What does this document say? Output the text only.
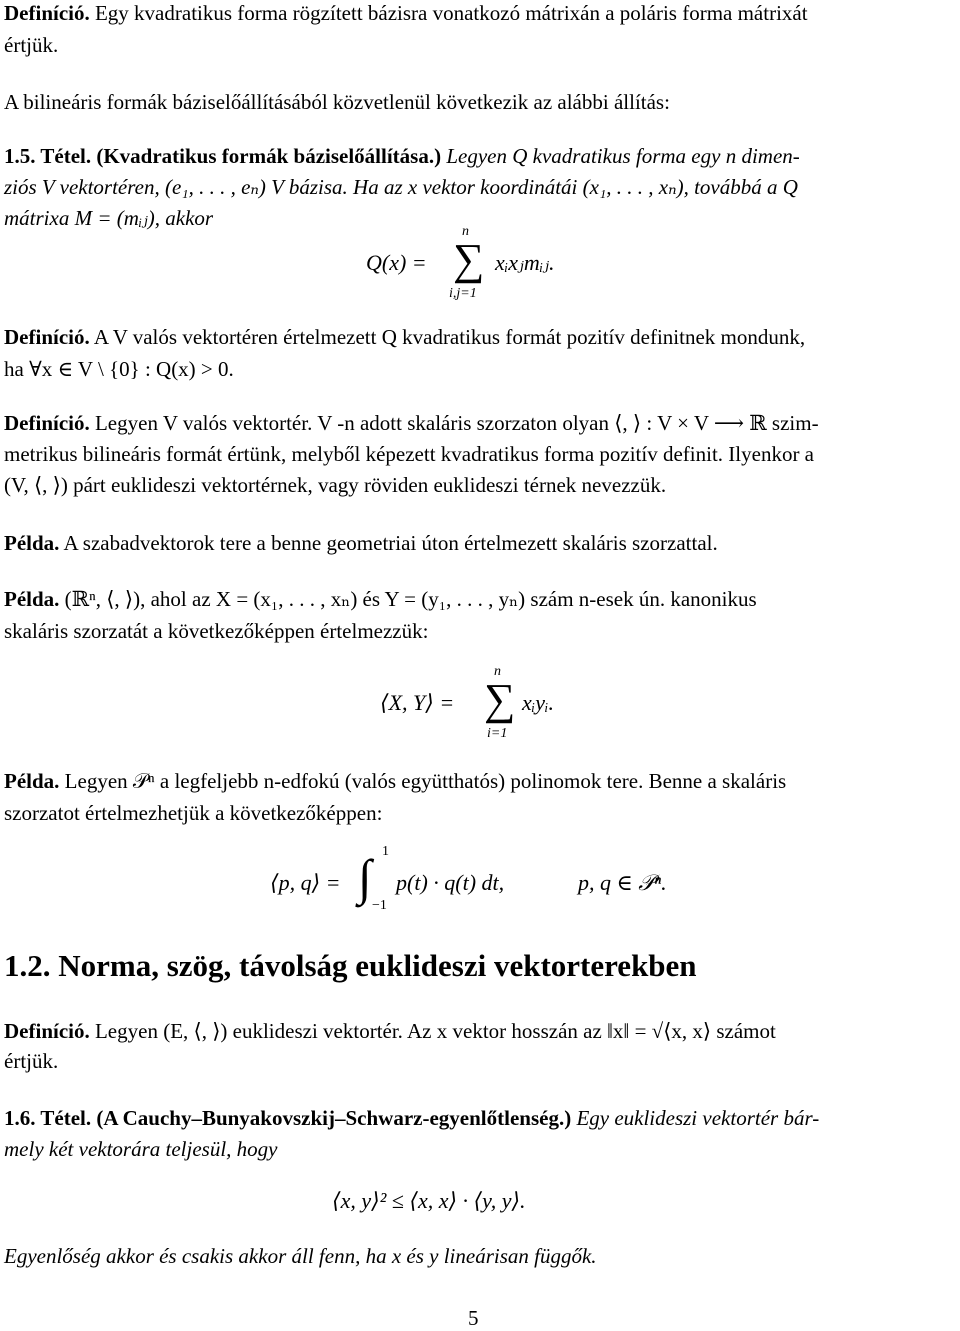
Definíció. Egy kvadratikus forma rögzített bázisra vonatkozó mátrixán a poláris forma mátrixát
értjük.
A bilineáris formák báziselőállításából közvetlenül következik az alábbi állítás:
1.5. Tétel. (Kvadratikus formák báziselőállítása.) Legyen Q kvadratikus forma egy n dimen-
ziós V vektortéren, (e₁, . . . , eₙ) V bázisa. Ha az x vektor koordinátái (x₁, . . . , xₙ), továbbá a Q
mátrixa M = (mᵢⱼ), akkor
Q(x) =
n
∑
i,j=1
xᵢxⱼmᵢⱼ.
Definíció. A V valós vektortéren értelmezett Q kvadratikus formát pozitív definitnek mondunk,
ha ∀x ∈ V \ {0} : Q(x) > 0.
Definíció. Legyen V valós vektortér. V -n adott skaláris szorzaton olyan ⟨, ⟩ : V × V ⟶ ℝ szim-
metrikus bilineáris formát értünk, melyből képezett kvadratikus forma pozitív definit. Ilyenkor a
(V, ⟨, ⟩) párt euklideszi vektortérnek, vagy röviden euklideszi térnek nevezzük.
Példa. A szabadvektorok tere a benne geometriai úton értelmezett skaláris szorzattal.
Példa. (ℝⁿ, ⟨, ⟩), ahol az X = (x₁, . . . , xₙ) és Y = (y₁, . . . , yₙ) szám n-esek ún. kanonikus
skaláris szorzatát a következőképpen értelmezzük:
⟨X, Y⟩ =
n
∑
i=1
xᵢyᵢ.
Példa. Legyen 𝒫ⁿ a legfeljebb n-edfokú (valós együtthatós) polinomok tere. Benne a skaláris
szorzatot értelmezhetjük a következőképpen:
⟨p, q⟩ =
1
∫
−1
p(t) · q(t) dt,	p, q ∈ 𝒫ⁿ.
1.2. Norma, szög, távolság euklideszi vektorterekben
Definíció. Legyen (E, ⟨, ⟩) euklideszi vektortér. Az x vektor hosszán az ‖x‖ = √⟨x, x⟩ számot
értjük.
1.6. Tétel. (A Cauchy–Bunyakovszkij–Schwarz-egyenlőtlenség.) Egy euklideszi vektortér bár-
mely két vektorára teljesül, hogy
⟨x, y⟩² ≤ ⟨x, x⟩ · ⟨y, y⟩.
Egyenlőség akkor és csakis akkor áll fenn, ha x és y lineárisan függők.
5
